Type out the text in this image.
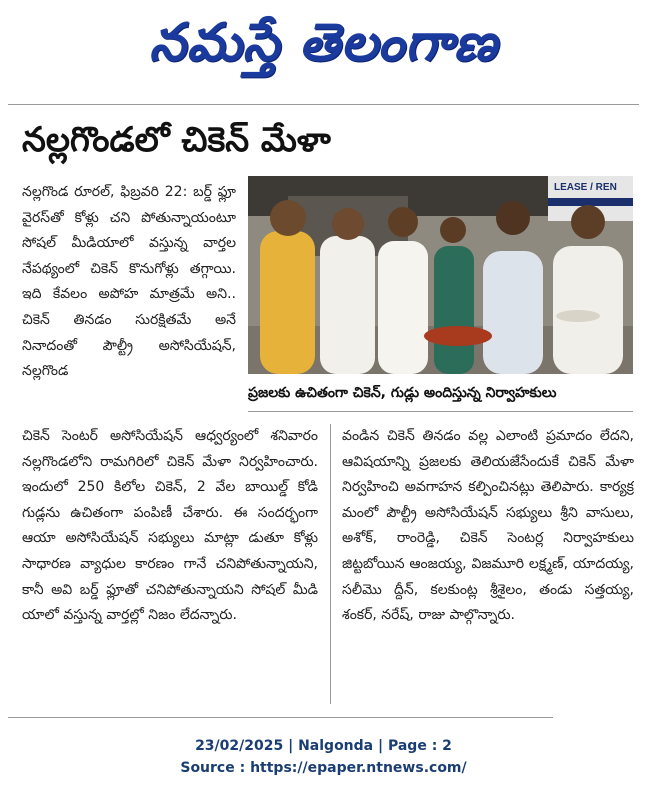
నమస్తే తెలంగాణ
నల్లగొండలో చికెన్ మేళా

నల్లగొండ రూరల్, ఫిబ్రవరి 22: బర్డ్ ఫ్లూ వైరస్‌తో కోళ్లు చని పోతున్నాయంటూ సోషల్ మీడియాలో వస్తున్న వార్తల నేపథ్యంలో చికెన్ కొనుగోళ్లు తగ్గాయి. ఇది కేవలం అపోహ మాత్రమే అని.. చికెన్ తినడం సురక్షితమే అనే నినాదంతో పౌల్ట్రీ అసోసియేషన్, నల్లగొండ

LEASE / REN
ప్రజలకు ఉచితంగా చికెన్, గుడ్లు అందిస్తున్న నిర్వాహకులు

చికెన్ సెంటర్ అసోసియేషన్ ఆధ్వర్యంలో శనివారం నల్లగొండలోని రామగిరిలో చికెన్ మేళా నిర్వహించారు. ఇందులో 250 కిలోల చికెన్, 2 వేల బాయిల్డ్ కోడి గుడ్లను ఉచితంగా పంపిణీ చేశారు. ఈ సందర్భంగా ఆయా అసోసియేషన్ సభ్యులు మాట్లా డుతూ కోళ్లు సాధారణ వ్యాధుల కారణం గానే చనిపోతున్నాయని, కానీ అవి బర్డ్ ఫ్లూతో చనిపోతున్నాయని సోషల్ మీడి యాలో వస్తున్న వార్తల్లో నిజం లేదన్నారు.

వండిన చికెన్ తినడం వల్ల ఎలాంటి ప్రమాదం లేదని, ఆవిషయాన్ని ప్రజలకు తెలియజేసేందుకే చికెన్ మేళా నిర్వహించి అవగాహన కల్పించినట్లు తెలిపారు. కార్యక్ర మంలో పౌల్ట్రీ అసోసియేషన్ సభ్యులు శ్రీని వాసులు, అశోక్, రాంరెడ్డి, చికెన్ సెంటర్ల నిర్వాహకులు జిట్టబోయిన ఆంజయ్య, విజమూరి లక్ష్మణ్, యాదయ్య, సలీమొ ద్దీన్, కలకుంట్ల శ్రీశైలం, తండు సత్తయ్య, శంకర్, నరేష్, రాజు పాల్గొన్నారు.

23/02/2025 | Nalgonda | Page : 2
Source : https://epaper.ntnews.com/
